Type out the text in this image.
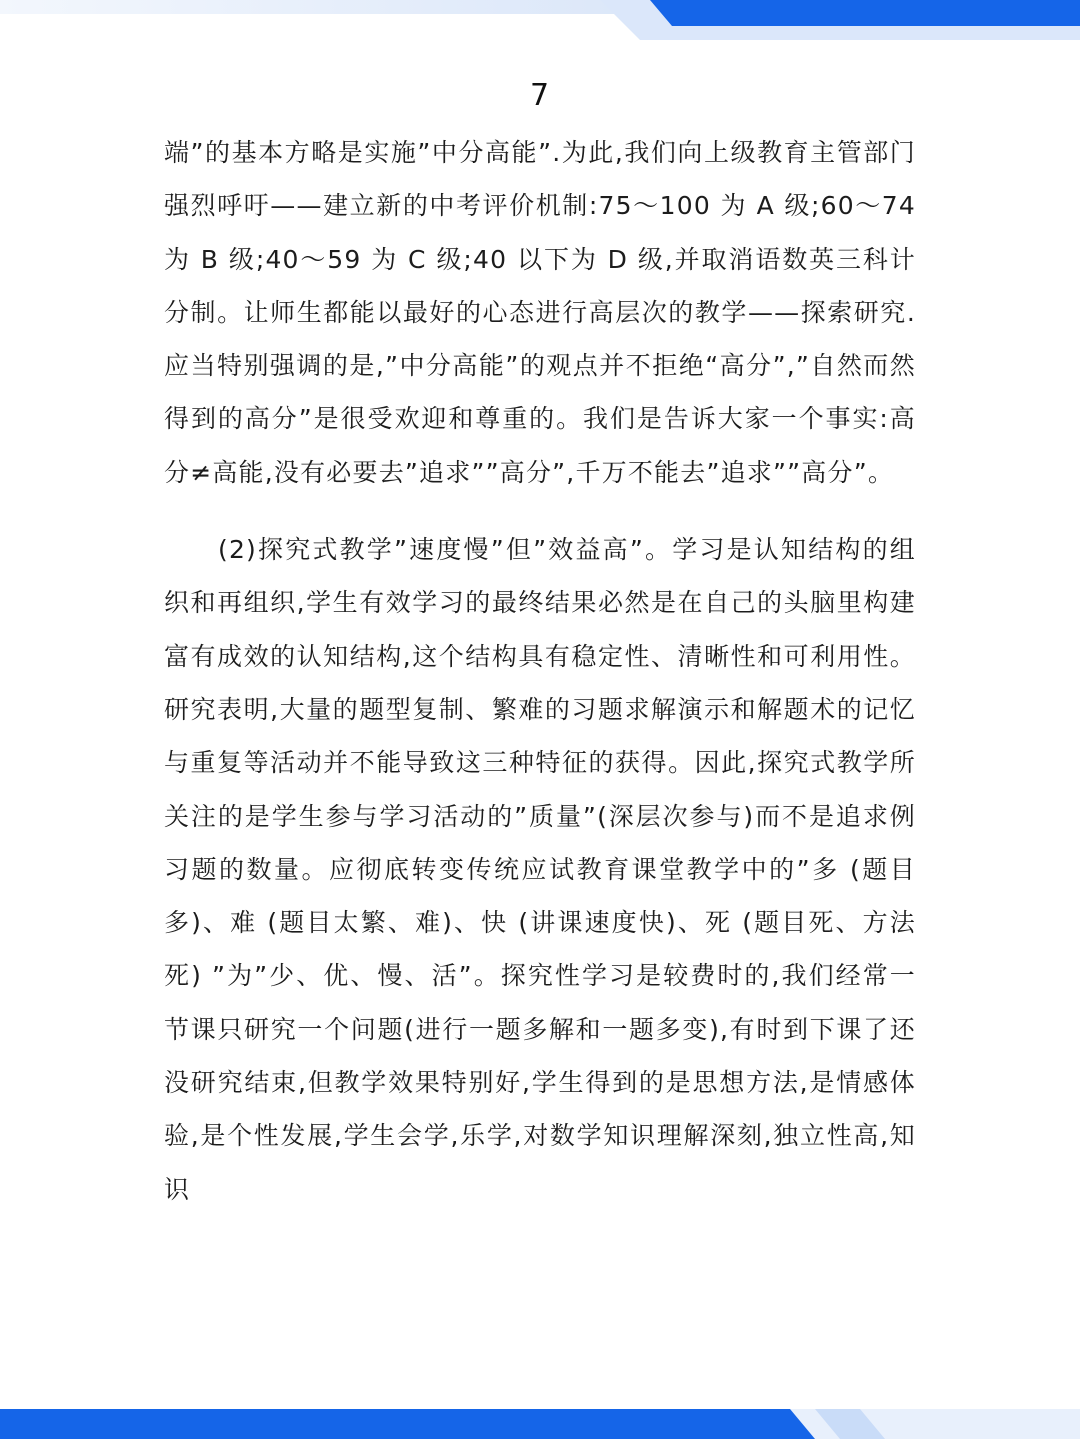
7

端”的基本方略是实施”中分高能”.为此,我们向上级教育主管部门强烈呼吁——建立新的中考评价机制:75～100 为 A 级;60～74 为 B 级;40～59 为 C 级;40 以下为 D 级,并取消语数英三科计分制。让师生都能以最好的心态进行高层次的教学——探索研究.应当特别强调的是,”中分高能”的观点并不拒绝“高分”,”自然而然得到的高分”是很受欢迎和尊重的。我们是告诉大家一个事实:高分≠高能,没有必要去”追求””高分”,千万不能去”追求””高分”。

(2)探究式教学”速度慢”但”效益高”。学习是认知结构的组织和再组织,学生有效学习的最终结果必然是在自己的头脑里构建富有成效的认知结构,这个结构具有稳定性、清晰性和可利用性。研究表明,大量的题型复制、繁难的习题求解演示和解题术的记忆与重复等活动并不能导致这三种特征的获得。因此,探究式教学所关注的是学生参与学习活动的”质量”(深层次参与)而不是追求例习题的数量。应彻底转变传统应试教育课堂教学中的”多 (题目多)、难 (题目太繁、难)、快 (讲课速度快)、死 (题目死、方法死) ”为”少、优、慢、活”。探究性学习是较费时的,我们经常一节课只研究一个问题(进行一题多解和一题多变),有时到下课了还没研究结束,但教学效果特别好,学生得到的是思想方法,是情感体验,是个性发展,学生会学,乐学,对数学知识理解深刻,独立性高,知识
